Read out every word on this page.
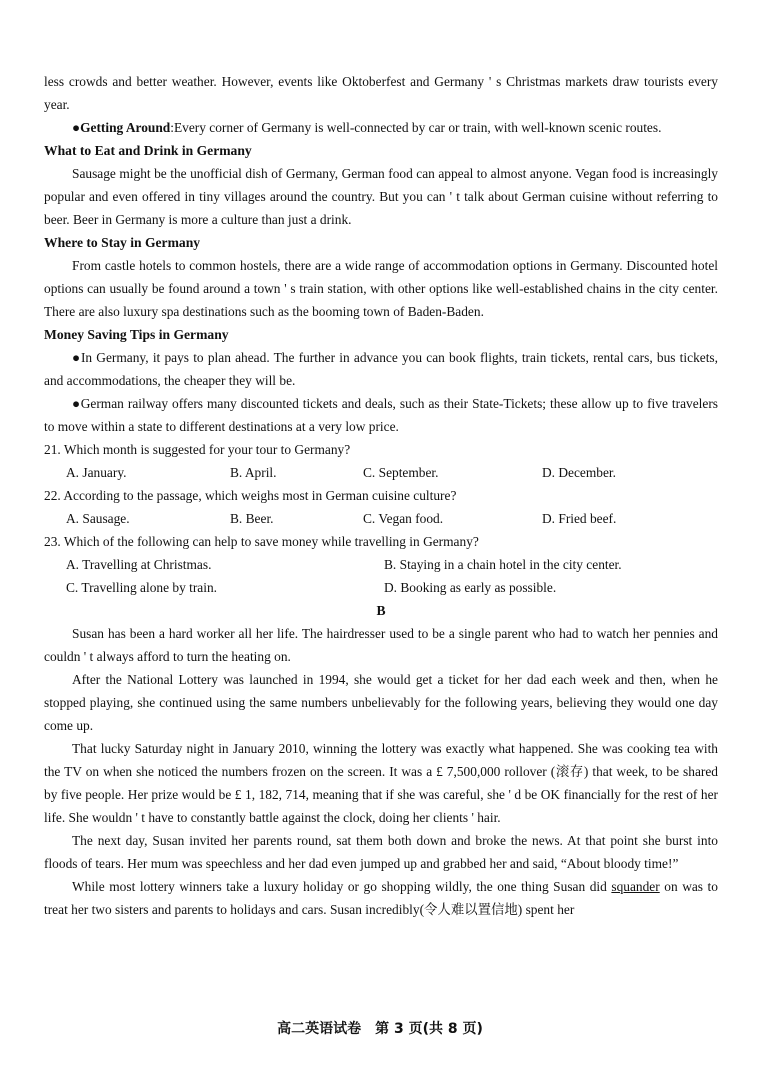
less crowds and better weather. However, events like Oktoberfest and Germany ' s Christmas markets draw tourists every year.

●Getting Around:Every corner of Germany is well-connected by car or train, with well-known scenic routes.

What to Eat and Drink in Germany

Sausage might be the unofficial dish of Germany, German food can appeal to almost anyone. Vegan food is increasingly popular and even offered in tiny villages around the country. But you can ' t talk about German cuisine without referring to beer. Beer in Germany is more a culture than just a drink.

Where to Stay in Germany

From castle hotels to common hostels, there are a wide range of accommodation options in Germany. Discounted hotel options can usually be found around a town ' s train station, with other options like well-established chains in the city center. There are also luxury spa destinations such as the booming town of Baden-Baden.

Money Saving Tips in Germany

●In Germany, it pays to plan ahead. The further in advance you can book flights, train tickets, rental cars, bus tickets, and accommodations, the cheaper they will be.

●German railway offers many discounted tickets and deals, such as their State-Tickets; these allow up to five travelers to move within a state to different destinations at a very low price.

21. Which month is suggested for your tour to Germany?
A. January.	B. April.	C. September.	D. December.
22. According to the passage, which weighs most in German cuisine culture?
A. Sausage.	B. Beer.	C. Vegan food.	D. Fried beef.
23. Which of the following can help to save money while travelling in Germany?
A. Travelling at Christmas.	B. Staying in a chain hotel in the city center.
C. Travelling alone by train.	D. Booking as early as possible.

B

Susan has been a hard worker all her life. The hairdresser used to be a single parent who had to watch her pennies and couldn ' t always afford to turn the heating on.

After the National Lottery was launched in 1994, she would get a ticket for her dad each week and then, when he stopped playing, she continued using the same numbers unbelievably for the following years, believing they would one day come up.

That lucky Saturday night in January 2010, winning the lottery was exactly what happened. She was cooking tea with the TV on when she noticed the numbers frozen on the screen. It was a £ 7,500,000 rollover (滚存) that week, to be shared by five people. Her prize would be £ 1, 182, 714, meaning that if she was careful, she ' d be OK financially for the rest of her life. She wouldn ' t have to constantly battle against the clock, doing her clients ' hair.

The next day, Susan invited her parents round, sat them both down and broke the news. At that point she burst into floods of tears. Her mum was speechless and her dad even jumped up and grabbed her and said, “About bloody time!”

While most lottery winners take a luxury holiday or go shopping wildly, the one thing Susan did squander on was to treat her two sisters and parents to holidays and cars. Susan incredibly(令人难以置信地) spent her

高二英语试卷　第 3 页(共 8 页)
